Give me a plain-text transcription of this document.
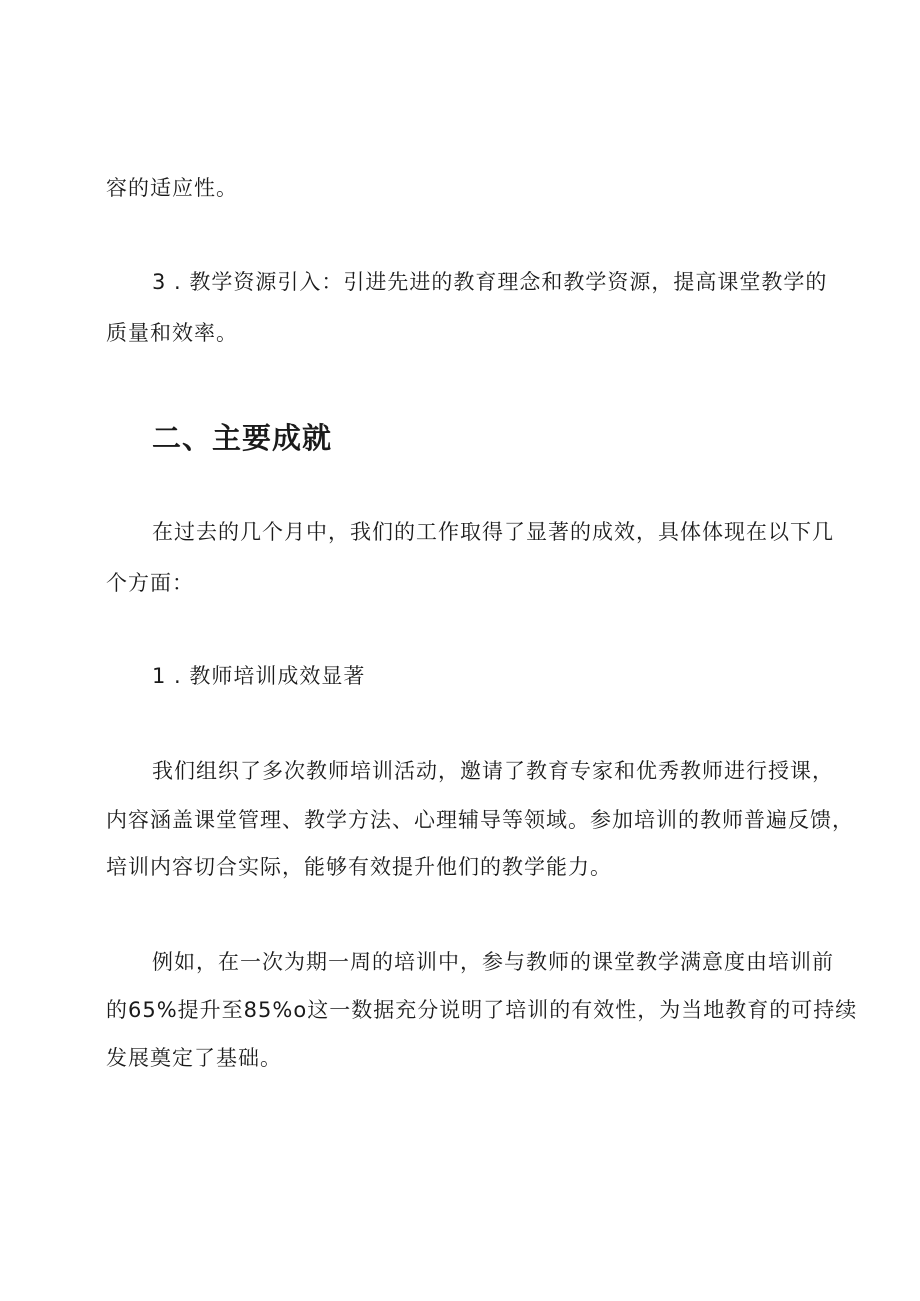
容的适应性。
3 . 教学资源引入：引进先进的教育理念和教学资源，提高课堂教学的
质量和效率。
二、主要成就
在过去的几个月中，我们的工作取得了显著的成效，具体体现在以下几
个方面：
1 . 教师培训成效显著
我们组织了多次教师培训活动，邀请了教育专家和优秀教师进行授课，
内容涵盖课堂管理、教学方法、心理辅导等领域。参加培训的教师普遍反馈，
培训内容切合实际，能够有效提升他们的教学能力。
例如，在一次为期一周的培训中，参与教师的课堂教学满意度由培训前
的65%提升至85%o这一数据充分说明了培训的有效性，为当地教育的可持续
发展奠定了基础。
